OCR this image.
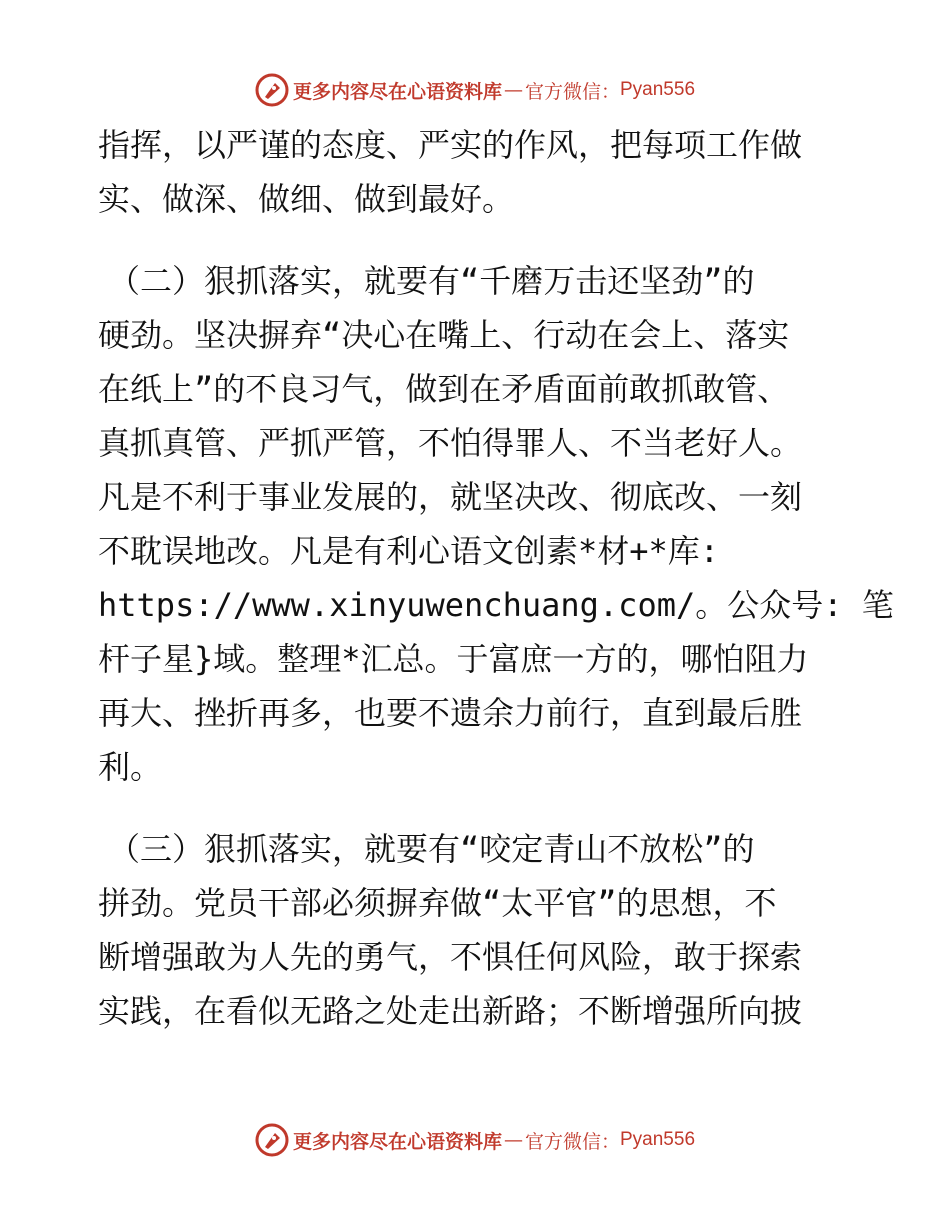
更多内容尽在心语资料库 — 官方微信： Pyan556
指挥，以严谨的态度、严实的作风，把每项工作做
实、做深、做细、做到最好。
（二）狠抓落实，就要有“千磨万击还坚劲”的
硬劲。坚决摒弃“决心在嘴上、行动在会上、落实
在纸上”的不良习气，做到在矛盾面前敢抓敢管、
真抓真管、严抓严管，不怕得罪人、不当老好人。
凡是不利于事业发展的，就坚决改、彻底改、一刻
不耽误地改。凡是有利心语文创素*材+*库:
https://www.xinyuwenchuang.com/。公众号: 笔
杆子星}域。整理*汇总。于富庶一方的，哪怕阻力
再大、挫折再多，也要不遗余力前行，直到最后胜
利。
（三）狠抓落实，就要有“咬定青山不放松”的
拼劲。党员干部必须摒弃做“太平官”的思想，不
断增强敢为人先的勇气，不惧任何风险，敢于探索
实践，在看似无路之处走出新路；不断增强所向披
更多内容尽在心语资料库 — 官方微信： Pyan556
